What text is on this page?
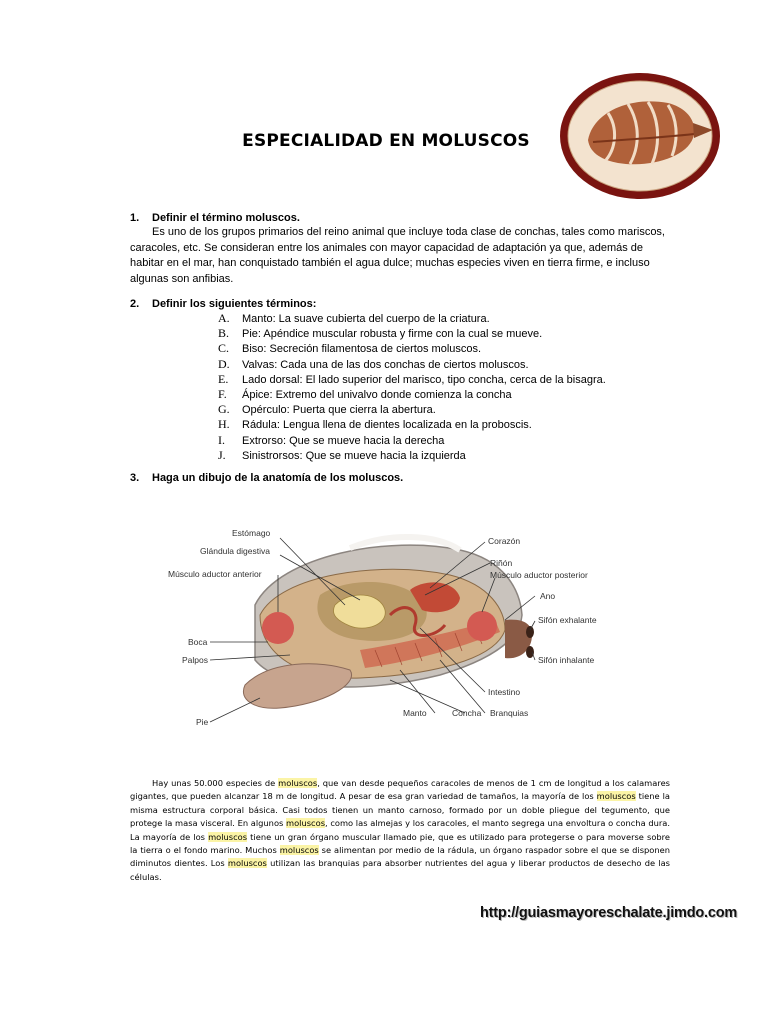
ESPECIALIDAD EN MOLUSCOS
1. Definir el término moluscos.
Es uno de los grupos primarios del reino animal que incluye toda clase de conchas, tales como mariscos, caracoles, etc. Se consideran entre los animales con mayor capacidad de adaptación ya que, además de habitar en el mar, han conquistado también el agua dulce; muchas especies viven en tierra firme, e incluso algunas son anfibias.
2. Definir los siguientes términos:
A. Manto: La suave cubierta del cuerpo de la criatura.
B. Pie: Apéndice muscular robusta y firme con la cual se mueve.
C. Biso: Secreción filamentosa de ciertos moluscos.
D. Valvas: Cada una de las dos conchas de ciertos moluscos.
E. Lado dorsal: El lado superior del marisco, tipo concha, cerca de la bisagra.
F. Ápice: Extremo del univalvo donde comienza la concha
G. Opérculo: Puerta que cierra la abertura.
H. Rádula: Lengua llena de dientes localizada en la proboscis.
I. Extrorso: Que se mueve hacia la derecha
J. Sinistrorsos: Que se mueve hacia la izquierda
3. Haga un dibujo de la anatomía de los moluscos.
Estómago
Glándula digestiva
Músculo aductor anterior
Boca
Palpos
Pie
Corazón
Riñón
Músculo aductor posterior
Ano
Sifón exhalante
Sifón inhalante
Intestino
Manto	Concha Branquias
Hay unas 50.000 especies de moluscos, que van desde pequeños caracoles de menos de 1 cm de longitud a los calamares gigantes, que pueden alcanzar 18 m de longitud. A pesar de esa gran variedad de tamaños, la mayoría de los moluscos tiene la misma estructura corporal básica. Casi todos tienen un manto carnoso, formado por un doble pliegue del tegumento, que protege la masa visceral. En algunos moluscos, como las almejas y los caracoles, el manto segrega una envoltura o concha dura. La mayoría de los moluscos tiene un gran órgano muscular llamado pie, que es utilizado para protegerse o para moverse sobre la tierra o el fondo marino. Muchos moluscos se alimentan por medio de la rádula, un órgano raspador sobre el que se disponen diminutos dientes. Los moluscos utilizan las branquias para absorber nutrientes del agua y liberar productos de desecho de las células.
http://guiasmayoreschalate.jimdo.com
